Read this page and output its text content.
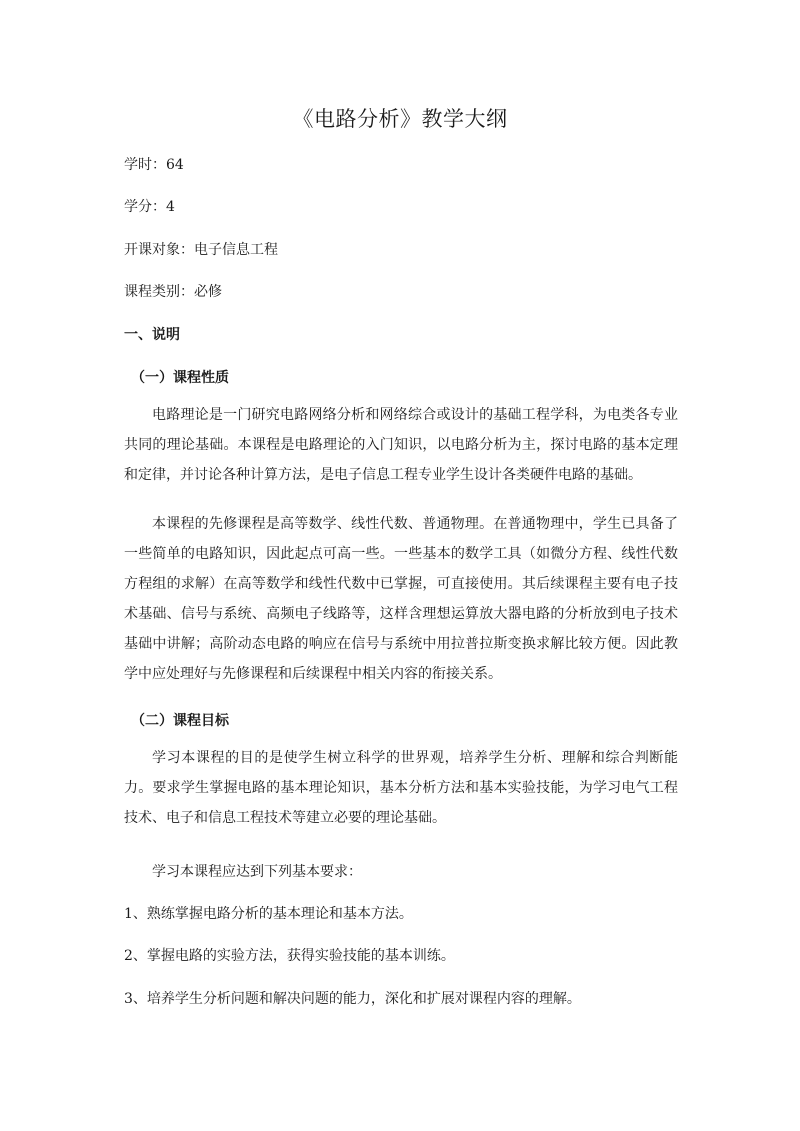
《电路分析》教学大纲
学时：64
学分：4
开课对象：电子信息工程
课程类别：必修
一、说明
（一）课程性质
电路理论是一门研究电路网络分析和网络综合或设计的基础工程学科，为电类各专业共同的理论基础。本课程是电路理论的入门知识，以电路分析为主，探讨电路的基本定理和定律，并讨论各种计算方法，是电子信息工程专业学生设计各类硬件电路的基础。
本课程的先修课程是高等数学、线性代数、普通物理。在普通物理中，学生已具备了一些简单的电路知识，因此起点可高一些。一些基本的数学工具（如微分方程、线性代数方程组的求解）在高等数学和线性代数中已掌握，可直接使用。其后续课程主要有电子技术基础、信号与系统、高频电子线路等，这样含理想运算放大器电路的分析放到电子技术基础中讲解；高阶动态电路的响应在信号与系统中用拉普拉斯变换求解比较方便。因此教学中应处理好与先修课程和后续课程中相关内容的衔接关系。
（二）课程目标
学习本课程的目的是使学生树立科学的世界观，培养学生分析、理解和综合判断能力。要求学生掌握电路的基本理论知识，基本分析方法和基本实验技能，为学习电气工程技术、电子和信息工程技术等建立必要的理论基础。
学习本课程应达到下列基本要求：
1、熟练掌握电路分析的基本理论和基本方法。
2、掌握电路的实验方法，获得实验技能的基本训练。
3、培养学生分析问题和解决问题的能力，深化和扩展对课程内容的理解。
